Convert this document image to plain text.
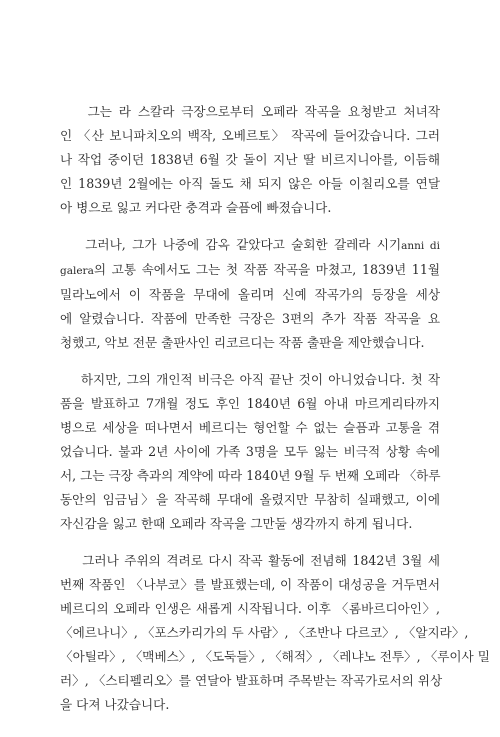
그는 라 스칼라 극장으로부터 오페라 작곡을 요청받고 처녀작
인 〈산 보니파치오의 백작, 오베르토〉 작곡에 들어갔습니다. 그러
나 작업 중이던 1838년 6월 갓 돌이 지난 딸 비르지니아를, 이듬해
인 1839년 2월에는 아직 돌도 채 되지 않은 아들 이칠리오를 연달
아 병으로 잃고 커다란 충격과 슬픔에 빠졌습니다.

그러나, 그가 나중에 감옥 같았다고 술회한 갈레라 시기anni di
galera의 고통 속에서도 그는 첫 작품 작곡을 마쳤고, 1839년 11월
밀라노에서 이 작품을 무대에 올리며 신예 작곡가의 등장을 세상
에 알렸습니다. 작품에 만족한 극장은 3편의 추가 작품 작곡을 요
청했고, 악보 전문 출판사인 리코르디는 작품 출판을 제안했습니다.

하지만, 그의 개인적 비극은 아직 끝난 것이 아니었습니다. 첫 작
품을 발표하고 7개월 정도 후인 1840년 6월 아내 마르게리타까지
병으로 세상을 떠나면서 베르디는 형언할 수 없는 슬픔과 고통을 겪
었습니다. 불과 2년 사이에 가족 3명을 모두 잃는 비극적 상황 속에
서, 그는 극장 측과의 계약에 따라 1840년 9월 두 번째 오페라 〈하루
동안의 임금님〉을 작곡해 무대에 올렸지만 무참히 실패했고, 이에
자신감을 잃고 한때 오페라 작곡을 그만둘 생각까지 하게 됩니다.

그러나 주위의 격려로 다시 작곡 활동에 전념해 1842년 3월 세
번째 작품인 〈나부코〉를 발표했는데, 이 작품이 대성공을 거두면서
베르디의 오페라 인생은 새롭게 시작됩니다. 이후 〈롬바르디아인〉,
〈에르나니〉, 〈포스카리가의 두 사람〉, 〈조반나 다르코〉, 〈알지라〉,
〈아틸라〉, 〈맥베스〉, 〈도둑들〉, 〈해적〉, 〈레냐노 전투〉, 〈루이사 밀
러〉, 〈스티펠리오〉를 연달아 발표하며 주목받는 작곡가로서의 위상
을 다져 나갔습니다.
